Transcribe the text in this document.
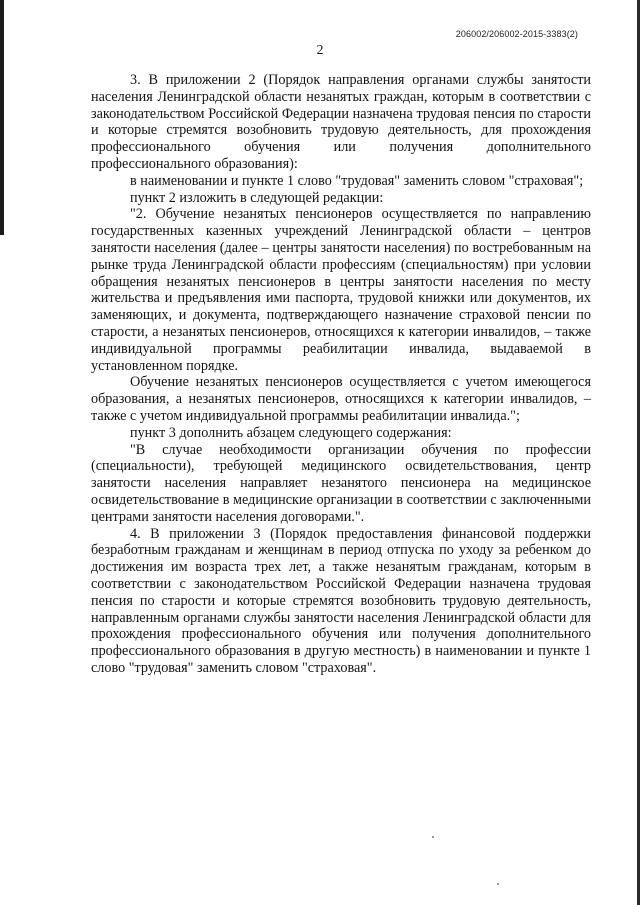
206002/206002-2015-3383(2)
2

3. В приложении 2 (Порядок направления органами службы занятости населения Ленинградской области незанятых граждан, которым в соответствии с законодательством Российской Федерации назначена трудовая пенсия по старости и которые стремятся возобновить трудовую деятельность, для прохождения профессионального обучения или получения дополнительного профессионального образования):

в наименовании и пункте 1 слово "трудовая" заменить словом "страховая";

пункт 2 изложить в следующей редакции:

"2. Обучение незанятых пенсионеров осуществляется по направлению государственных казенных учреждений Ленинградской области – центров занятости населения (далее – центры занятости населения) по востребованным на рынке труда Ленинградской области профессиям (специальностям) при условии обращения незанятых пенсионеров в центры занятости населения по месту жительства и предъявления ими паспорта, трудовой книжки или документов, их заменяющих, и документа, подтверждающего назначение страховой пенсии по старости, а незанятых пенсионеров, относящихся к категории инвалидов, – также индивидуальной программы реабилитации инвалида, выдаваемой в установленном порядке.

Обучение незанятых пенсионеров осуществляется с учетом имеющегося образования, а незанятых пенсионеров, относящихся к категории инвалидов, – также с учетом индивидуальной программы реабилитации инвалида.";

пункт 3 дополнить абзацем следующего содержания:

"В случае необходимости организации обучения по профессии (специальности), требующей медицинского освидетельствования, центр занятости населения направляет незанятого пенсионера на медицинское освидетельствование в медицинские организации в соответствии с заключенными центрами занятости населения договорами.".

4. В приложении 3 (Порядок предоставления финансовой поддержки безработным гражданам и женщинам в период отпуска по уходу за ребенком до достижения им возраста трех лет, а также незанятым гражданам, которым в соответствии с законодательством Российской Федерации назначена трудовая пенсия по старости и которые стремятся возобновить трудовую деятельность, направленным органами службы занятости населения Ленинградской области для прохождения профессионального обучения или получения дополнительного профессионального образования в другую местность) в наименовании и пункте 1 слово "трудовая" заменить словом "страховая".
